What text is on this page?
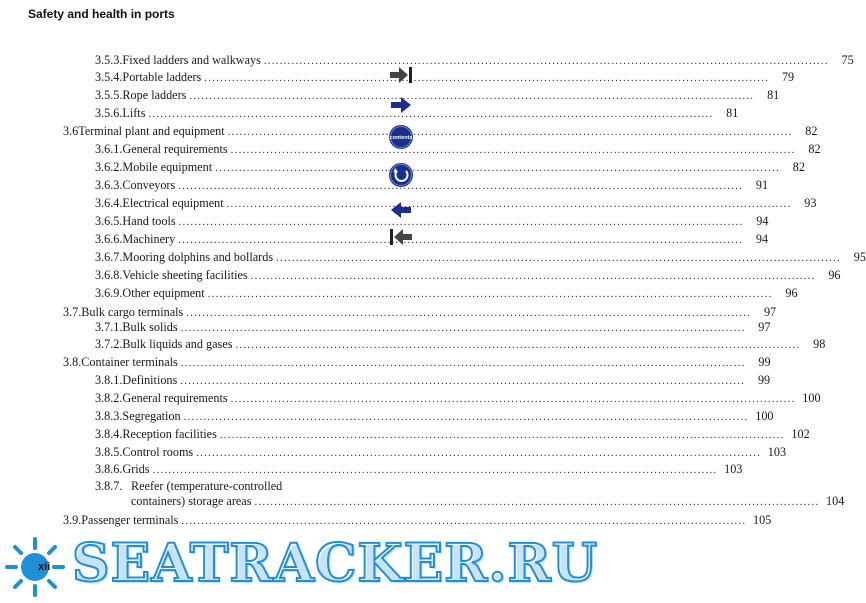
Safety and health in ports
3.5.3. Fixed ladders and walkways .....	75
3.5.4. Portable ladders .....	79
3.5.5. Rope ladders .....	81
3.5.6. Lifts .....	81
3.6 Terminal plant and equipment .....	82
3.6.1. General requirements .....	82
3.6.2. Mobile equipment .....	82
3.6.3. Conveyors .....	91
3.6.4. Electrical equipment .....	93
3.6.5. Hand tools .....	94
3.6.6. Machinery .....	94
3.6.7. Mooring dolphins and bollards .....	95
3.6.8. Vehicle sheeting facilities .....	96
3.6.9. Other equipment .....	96
3.7. Bulk cargo terminals .....	97
3.7.1. Bulk solids .....	97
3.7.2. Bulk liquids and gases .....	98
3.8. Container terminals .....	99
3.8.1. Definitions .....	99
3.8.2. General requirements .....	100
3.8.3. Segregation .....	100
3.8.4. Reception facilities .....	102
3.8.5. Control rooms .....	103
3.8.6. Grids .....	103
3.8.7. Reefer (temperature-controlled
containers) storage areas .....	104
3.9. Passenger terminals .....	105
contents
xii SEATRACKER.RU
